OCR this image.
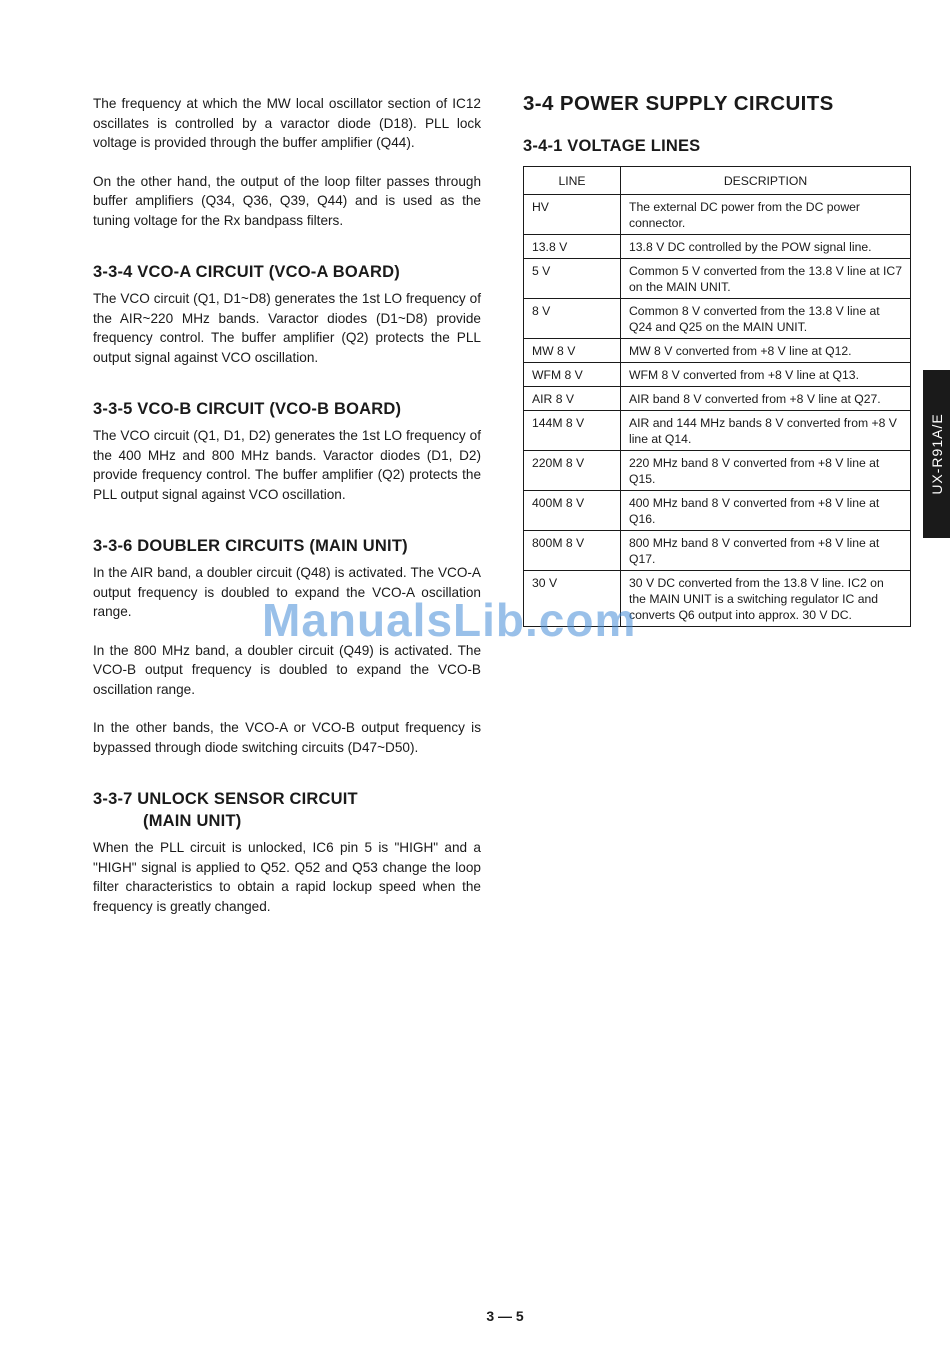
The frequency at which the MW local oscillator section of IC12 oscillates is controlled by a varactor diode (D18). PLL lock voltage is provided through the buffer amplifier (Q44).

On the other hand, the output of the loop filter passes through buffer amplifiers (Q34, Q36, Q39, Q44) and is used as the tuning voltage for the Rx bandpass filters.

3-3-4 VCO-A CIRCUIT (VCO-A BOARD)

The VCO circuit (Q1, D1~D8) generates the 1st LO frequency of the AIR~220 MHz bands. Varactor diodes (D1~D8) provide frequency control. The buffer amplifier (Q2) protects the PLL output signal against VCO oscillation.

3-3-5 VCO-B CIRCUIT (VCO-B BOARD)

The VCO circuit (Q1, D1, D2) generates the 1st LO frequency of the 400 MHz and 800 MHz bands. Varactor diodes (D1, D2) provide frequency control. The buffer amplifier (Q2) protects the PLL output signal against VCO oscillation.

3-3-6 DOUBLER CIRCUITS (MAIN UNIT)

In the AIR band, a doubler circuit (Q48) is activated. The VCO-A output frequency is doubled to expand the VCO-A oscillation range.

In the 800 MHz band, a doubler circuit (Q49) is activated. The VCO-B output frequency is doubled to expand the VCO-B oscillation range.

In the other bands, the VCO-A or VCO-B output frequency is bypassed through diode switching circuits (D47~D50).

3-3-7 UNLOCK SENSOR CIRCUIT
(MAIN UNIT)

When the PLL circuit is unlocked, IC6 pin 5 is "HIGH" and a "HIGH" signal is applied to Q52. Q52 and Q53 change the loop filter characteristics to obtain a rapid lockup speed when the frequency is greatly changed.

3-4 POWER SUPPLY CIRCUITS
3-4-1 VOLTAGE LINES
LINE	DESCRIPTION
HV	The external DC power from the DC power connector.
13.8 V	13.8 V DC controlled by the POW signal line.
5 V	Common 5 V converted from the 13.8 V line at IC7 on the MAIN UNIT.
8 V	Common 8 V converted from the 13.8 V line at Q24 and Q25 on the MAIN UNIT.
MW 8 V	MW 8 V converted from +8 V line at Q12.
WFM 8 V	WFM 8 V converted from +8 V line at Q13.
AIR 8 V	AIR band 8 V converted from +8 V line at Q27.
144M 8 V	AIR and 144 MHz bands 8 V converted from +8 V line at Q14.
220M 8 V	220 MHz band 8 V converted from +8 V line at Q15.
400M 8 V	400 MHz band 8 V converted from +8 V line at Q16.
800M 8 V	800 MHz band 8 V converted from +8 V line at Q17.
30 V	30 V DC converted from the 13.8 V line. IC2 on the MAIN UNIT is a switching regulator IC and converts Q6 output into approx. 30 V DC.
UX-R91A/E
ManualsLib.com
3 — 5
